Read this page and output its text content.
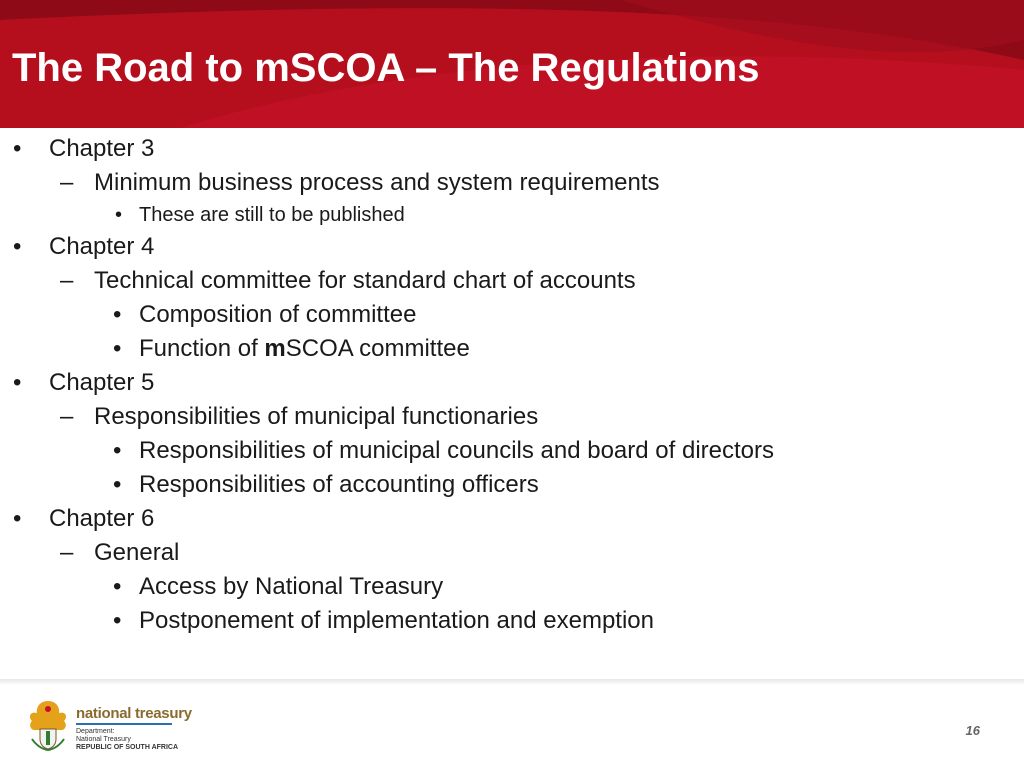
The Road to mSCOA – The Regulations
• Chapter 3
– Minimum business process and system requirements
• These are still to be published
• Chapter 4
– Technical committee for standard chart of accounts
• Composition of committee
• Function of mSCOA committee
• Chapter 5
– Responsibilities of municipal functionaries
• Responsibilities of municipal councils and board of directors
• Responsibilities of accounting officers
• Chapter 6
– General
• Access by National Treasury
• Postponement of implementation and exemption
national treasury
Department:
National Treasury
REPUBLIC OF SOUTH AFRICA
16
